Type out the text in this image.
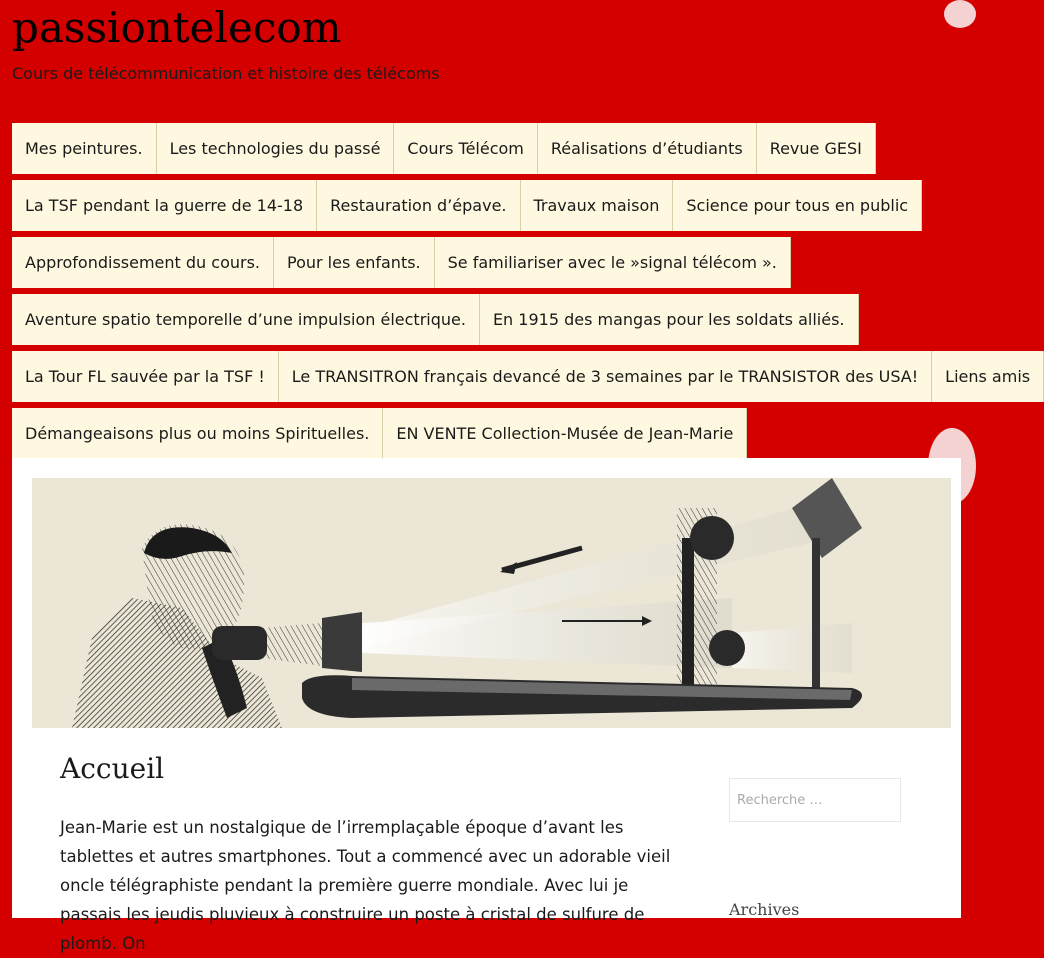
passiontelecom
Cours de télécommunication et histoire des télécoms
Mes peintures.	Les technologies du passé	Cours Télécom	Réalisations d’étudiants	Revue GESI
La TSF pendant la guerre de 14-18	Restauration d’épave.	Travaux maison	Science pour tous en public
Approfondissement du cours.	Pour les enfants.	Se familiariser avec le »signal télécom ».
Aventure spatio temporelle d’une impulsion électrique.	En 1915 des mangas pour les soldats alliés.
La Tour FL sauvée par la TSF !	Le TRANSITRON français devancé de 3 semaines par le TRANSISTOR des USA!	Liens amis
Démangeaisons plus ou moins Spirituelles.	EN VENTE Collection-Musée de Jean-Marie
Accueil

Jean-Marie est un nostalgique de l’irremplaçable époque d’avant les tablettes et autres smartphones. Tout a commencé avec un adorable vieil oncle télégraphiste pendant la première guerre mondiale. Avec lui je passais les jeudis pluvieux à construire un poste à cristal de sulfure de plomb. On

Recherche …
Archives
